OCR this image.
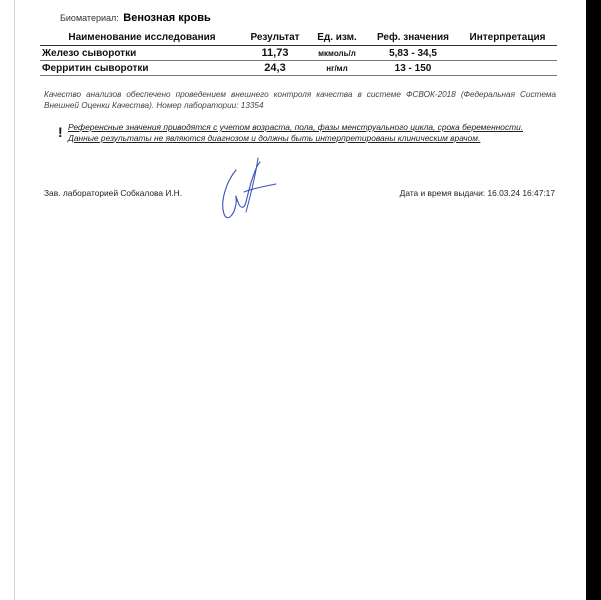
Биоматериал: Венозная кровь
Наименование исследования	Результат	Ед. изм.	Реф. значения	Интерпретация
Железо сыворотки	11,73	мкмоль/л	5,83 - 34,5	
Ферритин сыворотки	24,3	нг/мл	13 - 150	
Качество анализов обеспечено проведением внешнего контроля качества в системе ФСВОК-2018 (Федеральная Система Внешней Оценки Качества). Номер лаборатории: 13354
! Референсные значения приводятся с учетом возраста, пола, фазы менструального цикла, срока беременности.
Данные результаты не являются диагнозом и должны быть интерпретированы клиническим врачом.
Зав. лабораторией Собкалова И.Н.	Дата и время выдачи: 16.03.24 16:47:17
